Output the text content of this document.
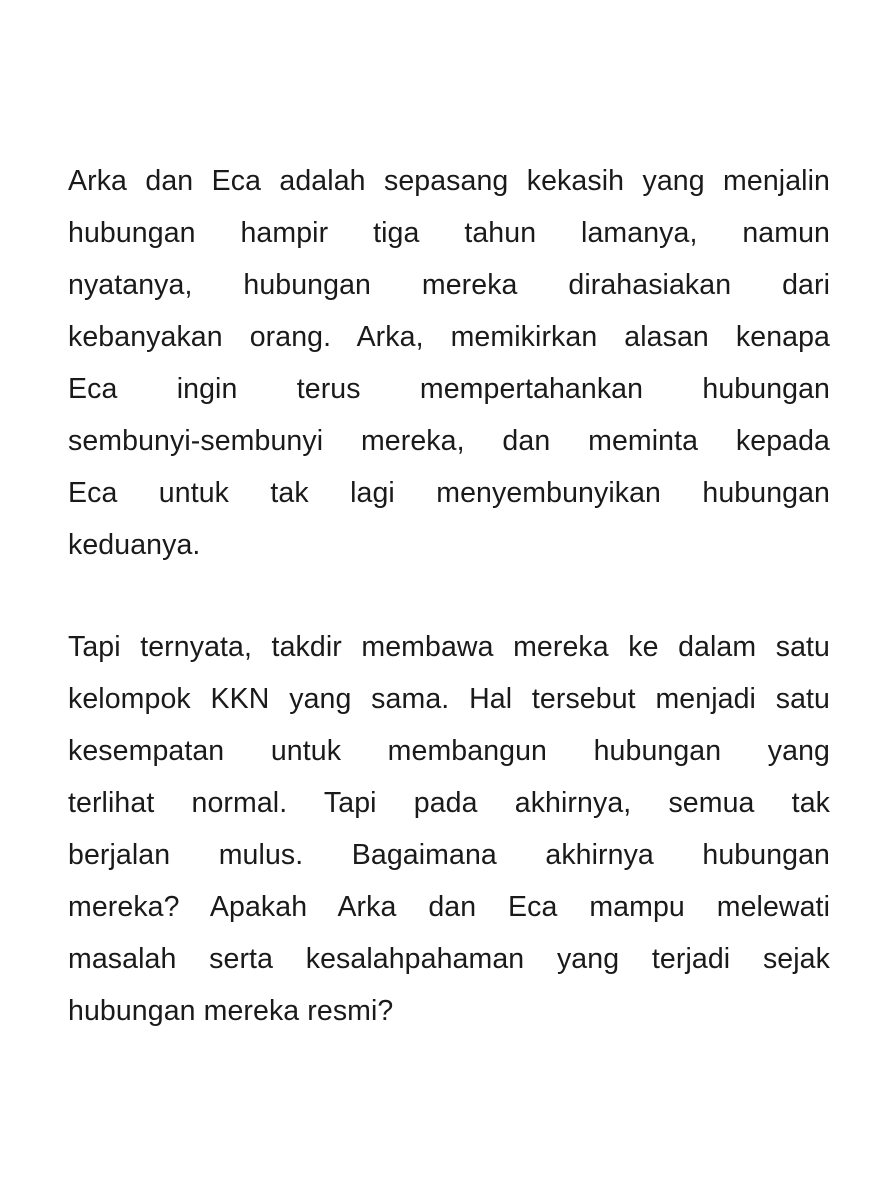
Arka dan Eca adalah sepasang kekasih yang menjalin
hubungan hampir tiga tahun lamanya, namun
nyatanya, hubungan mereka dirahasiakan dari
kebanyakan orang. Arka, memikirkan alasan kenapa
Eca ingin terus mempertahankan hubungan
sembunyi-sembunyi mereka, dan meminta kepada
Eca untuk tak lagi menyembunyikan hubungan
keduanya.
Tapi ternyata, takdir membawa mereka ke dalam satu
kelompok KKN yang sama. Hal tersebut menjadi satu
kesempatan untuk membangun hubungan yang
terlihat normal. Tapi pada akhirnya, semua tak
berjalan mulus. Bagaimana akhirnya hubungan
mereka? Apakah Arka dan Eca mampu melewati
masalah serta kesalahpahaman yang terjadi sejak
hubungan mereka resmi?
